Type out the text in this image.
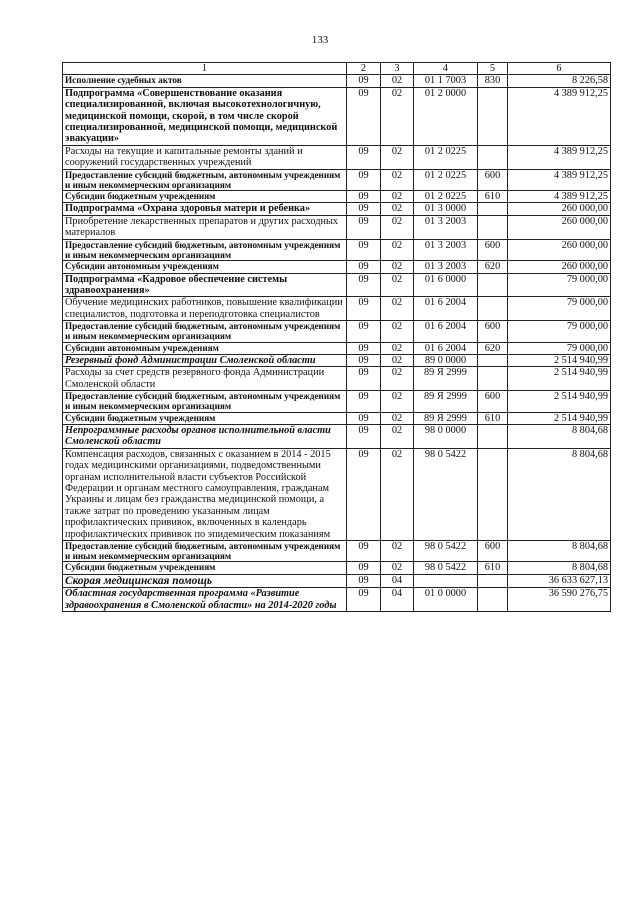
133
1	2	3	4	5	6
Исполнение судебных актов	09	02	01 1 7003	830	8 226,58
Подпрограмма «Совершенствование оказания специализированной, включая высокотехнологичную, медицинской помощи, скорой, в том числе скорой специализированной, медицинской помощи, медицинской эвакуации»	09	02	01 2 0000		4 389 912,25
Расходы на текущие и капитальные ремонты зданий и сооружений государственных учреждений	09	02	01 2 0225		4 389 912,25
Предоставление субсидий бюджетным, автономным учреждениям и иным некоммерческим организациям	09	02	01 2 0225	600	4 389 912,25
Субсидии бюджетным учреждениям	09	02	01 2 0225	610	4 389 912,25
Подпрограмма «Охрана здоровья матери и ребенка»	09	02	01 3 0000		260 000,00
Приобретение лекарственных препаратов и других расходных материалов	09	02	01 3 2003		260 000,00
Предоставление субсидий бюджетным, автономным учреждениям и иным некоммерческим организациям	09	02	01 3 2003	600	260 000,00
Субсидии автономным учреждениям	09	02	01 3 2003	620	260 000,00
Подпрограмма «Кадровое обеспечение системы здравоохранения»	09	02	01 6 0000		79 000,00
Обучение медицинских работников, повышение квалификации специалистов, подготовка и переподготовка специалистов	09	02	01 6 2004		79 000,00
Предоставление субсидий бюджетным, автономным учреждениям и иным некоммерческим организациям	09	02	01 6 2004	600	79 000,00
Субсидии автономным учреждениям	09	02	01 6 2004	620	79 000,00
Резервный фонд Администрации Смоленской области	09	02	89 0 0000		2 514 940,99
Расходы за счет средств резервного фонда Администрации Смоленской области	09	02	89 Я 2999		2 514 940,99
Предоставление субсидий бюджетным, автономным учреждениям и иным некоммерческим организациям	09	02	89 Я 2999	600	2 514 940,99
Субсидии бюджетным учреждениям	09	02	89 Я 2999	610	2 514 940,99
Непрограммные расходы органов исполнительной власти Смоленской области	09	02	98 0 0000		8 804,68
Компенсация расходов, связанных с оказанием в 2014 - 2015 годах медицинскими организациями, подведомственными органам исполнительной власти субъектов Российской Федерации и органам местного самоуправления, гражданам Украины и лицам без гражданства медицинской помощи, а также затрат по проведению указанным лицам профилактических прививок, включенных в календарь профилактических прививок по эпидемическим показаниям	09	02	98 0 5422		8 804,68
Предоставление субсидий бюджетным, автономным учреждениям и иным некоммерческим организациям	09	02	98 0 5422	600	8 804,68
Субсидии бюджетным учреждениям	09	02	98 0 5422	610	8 804,68
Скорая медицинская помощь	09	04			36 633 627,13
Областная государственная программа «Развитие здравоохранения в Смоленской области» на 2014-2020 годы	09	04	01 0 0000		36 590 276,75
